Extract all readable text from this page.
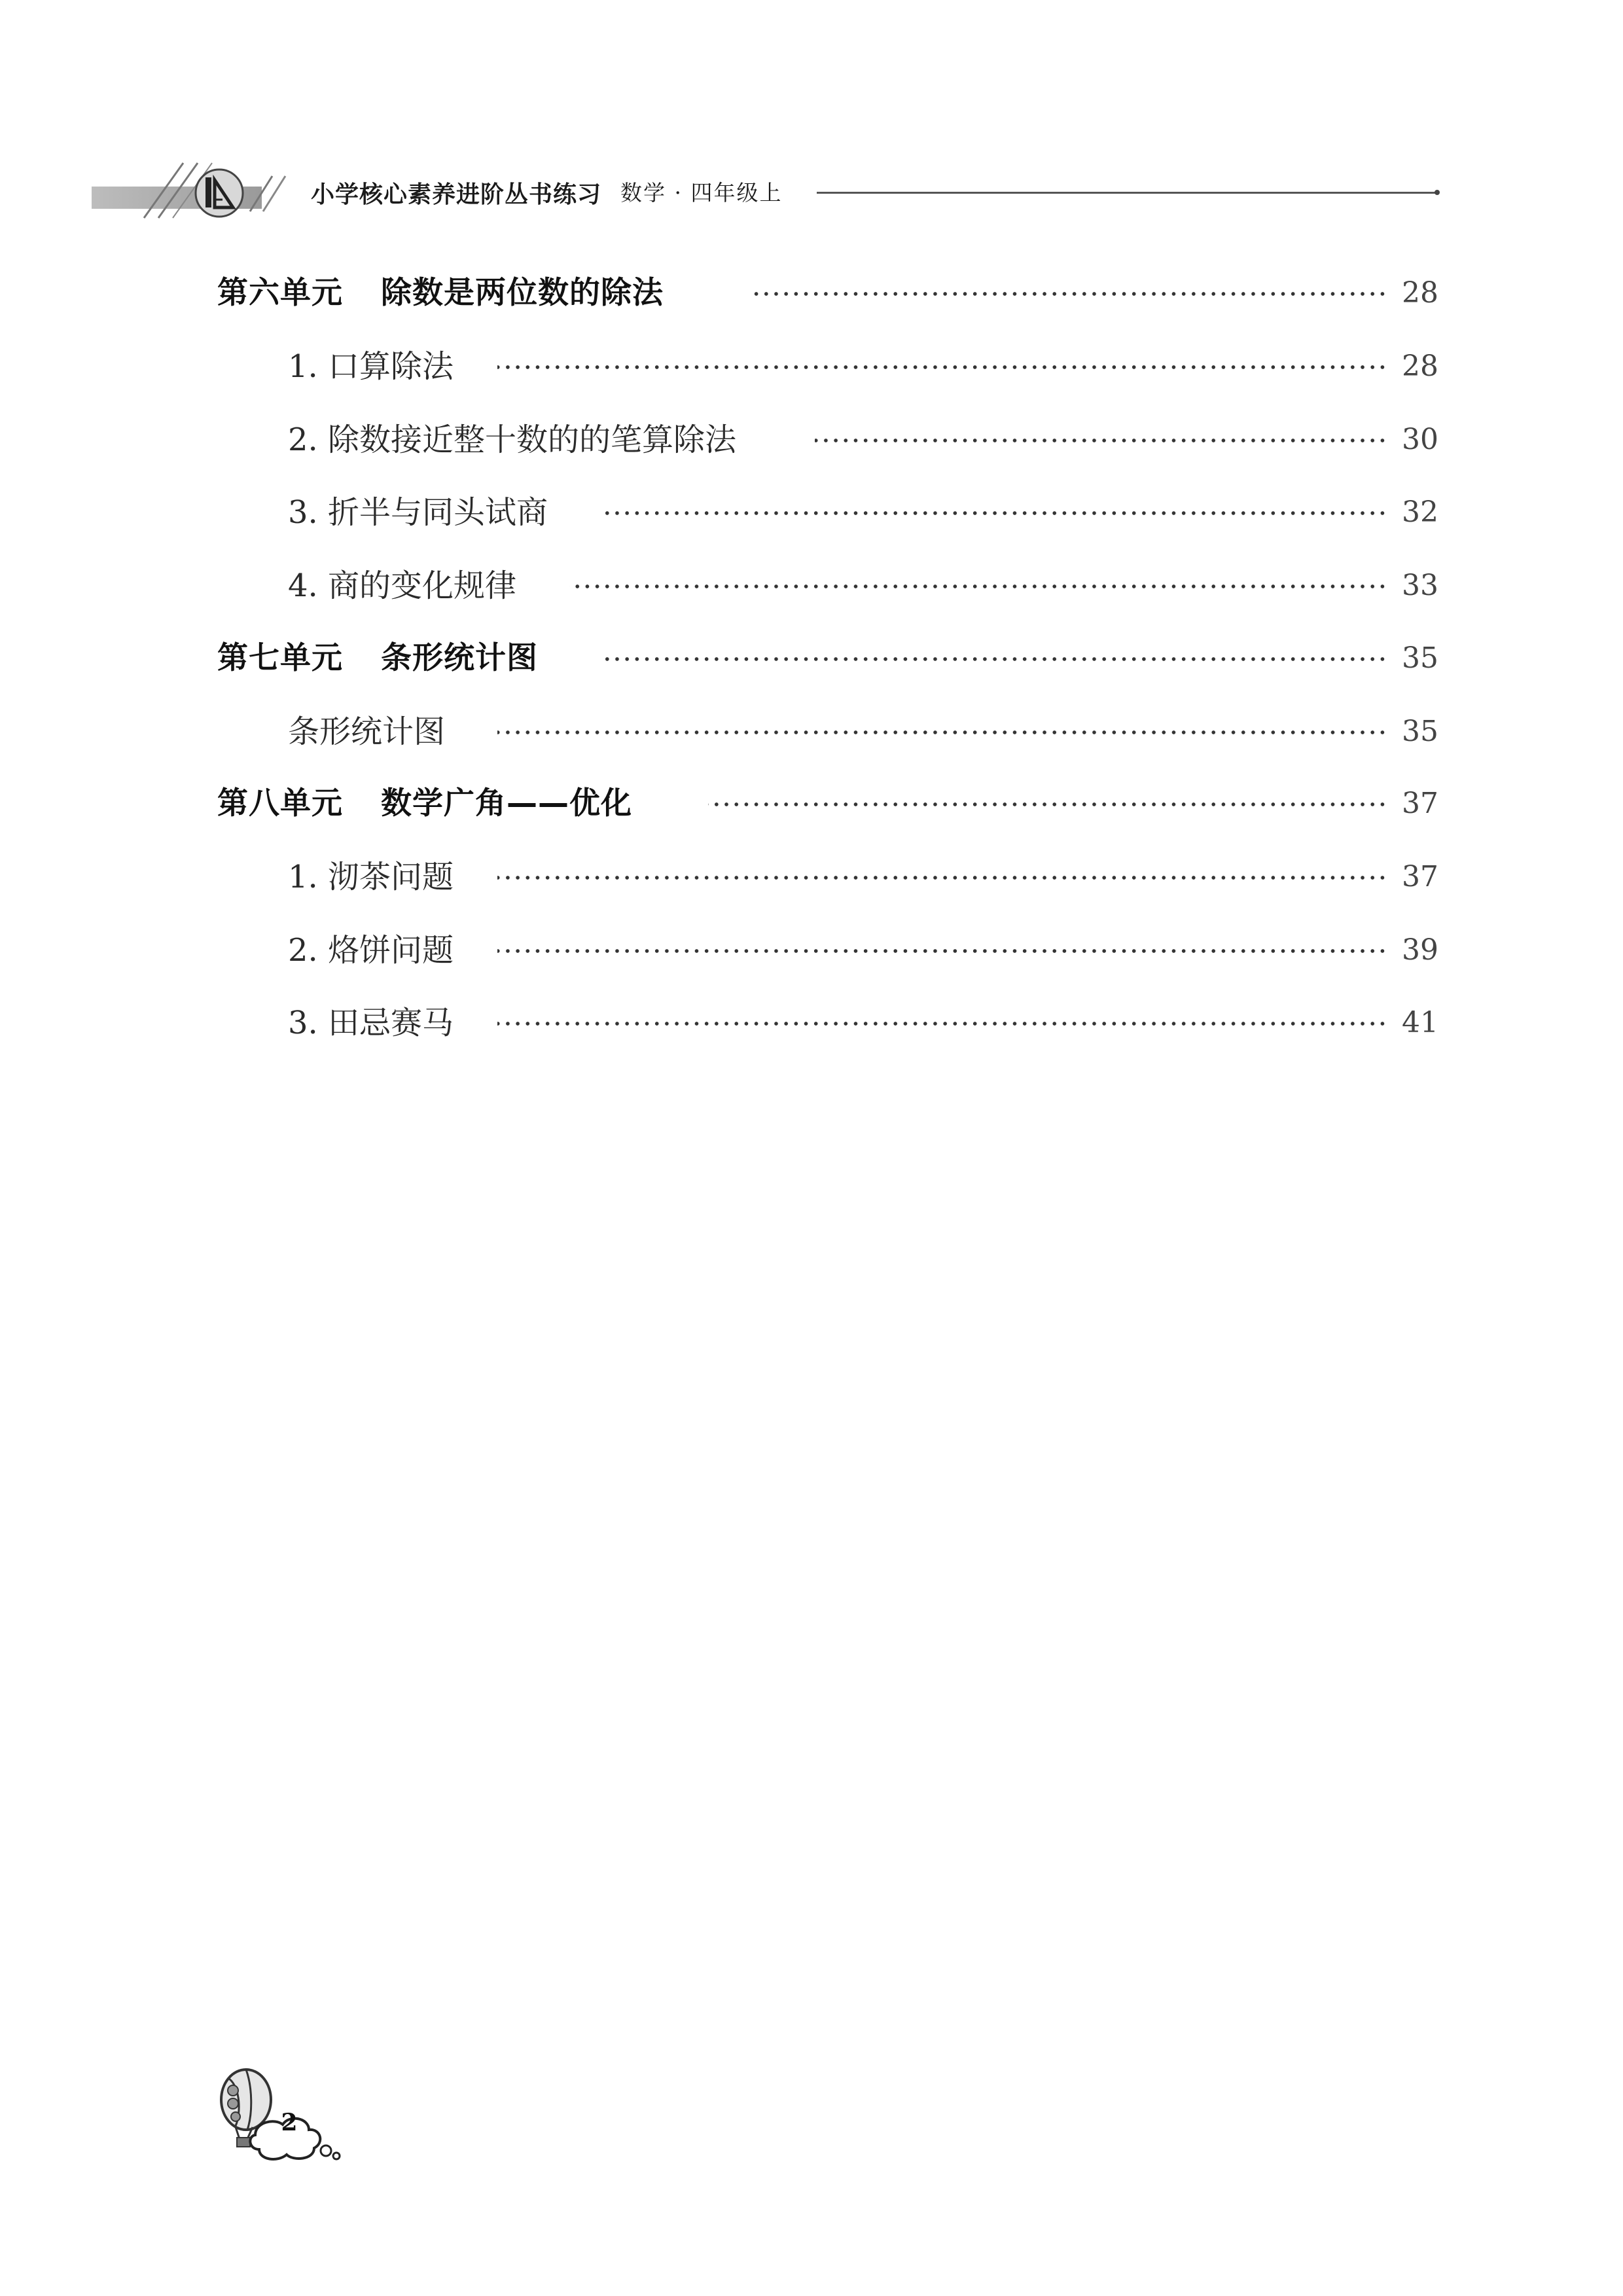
小学核心素养进阶丛书练习 数学 · 四年级上
第六单元 除数是两位数的除法	28
1. 口算除法	28
2. 除数接近整十数的的笔算除法	30
3. 折半与同头试商	32
4. 商的变化规律	33
第七单元 条形统计图	35
条形统计图	35
第八单元 数学广角——优化	37
1. 沏茶问题	37
2. 烙饼问题	39
3. 田忌赛马	41
2
